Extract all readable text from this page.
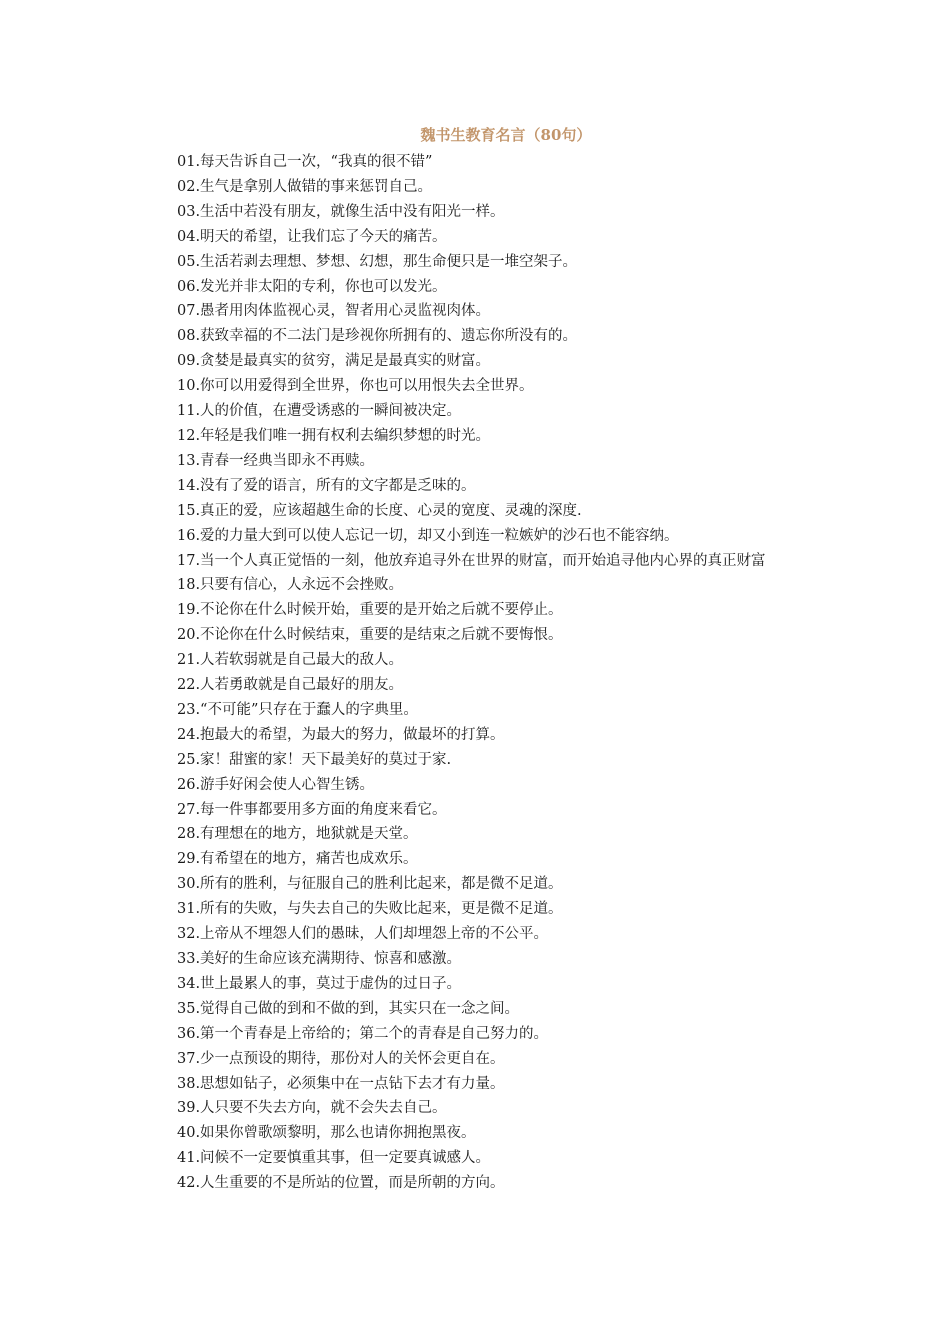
魏书生教育名言（80句）
01.每天告诉自己一次，“我真的很不错”
02.生气是拿别人做错的事来惩罚自己。
03.生活中若没有朋友，就像生活中没有阳光一样。
04.明天的希望，让我们忘了今天的痛苦。
05.生活若剥去理想、梦想、幻想，那生命便只是一堆空架子。
06.发光并非太阳的专利，你也可以发光。
07.愚者用肉体监视心灵，智者用心灵监视肉体。
08.获致幸福的不二法门是珍视你所拥有的、遗忘你所没有的。
09.贪婪是最真实的贫穷，满足是最真实的财富。
10.你可以用爱得到全世界，你也可以用恨失去全世界。
11.人的价值，在遭受诱惑的一瞬间被决定。
12.年轻是我们唯一拥有权利去编织梦想的时光。
13.青春一经典当即永不再赎。
14.没有了爱的语言，所有的文字都是乏味的。
15.真正的爱，应该超越生命的长度、心灵的宽度、灵魂的深度.
16.爱的力量大到可以使人忘记一切，却又小到连一粒嫉妒的沙石也不能容纳。
17.当一个人真正觉悟的一刻，他放弃追寻外在世界的财富，而开始追寻他内心界的真正财富
18.只要有信心，人永远不会挫败。
19.不论你在什么时候开始，重要的是开始之后就不要停止。
20.不论你在什么时候结束，重要的是结束之后就不要悔恨。
21.人若软弱就是自己最大的敌人。
22.人若勇敢就是自己最好的朋友。
23.“不可能”只存在于蠢人的字典里。
24.抱最大的希望，为最大的努力，做最坏的打算。
25.家！甜蜜的家！天下最美好的莫过于家.
26.游手好闲会使人心智生锈。
27.每一件事都要用多方面的角度来看它。
28.有理想在的地方，地狱就是天堂。
29.有希望在的地方，痛苦也成欢乐。
30.所有的胜利，与征服自己的胜利比起来，都是微不足道。
31.所有的失败，与失去自己的失败比起来，更是微不足道。
32.上帝从不埋怨人们的愚昧，人们却埋怨上帝的不公平。
33.美好的生命应该充满期待、惊喜和感激。
34.世上最累人的事，莫过于虚伪的过日子。
35.觉得自己做的到和不做的到，其实只在一念之间。
36.第一个青春是上帝给的；第二个的青春是自己努力的。
37.少一点预设的期待，那份对人的关怀会更自在。
38.思想如钻子，必须集中在一点钻下去才有力量。
39.人只要不失去方向，就不会失去自己。
40.如果你曾歌颂黎明，那么也请你拥抱黑夜。
41.问候不一定要慎重其事，但一定要真诚感人。
42.人生重要的不是所站的位置，而是所朝的方向。
